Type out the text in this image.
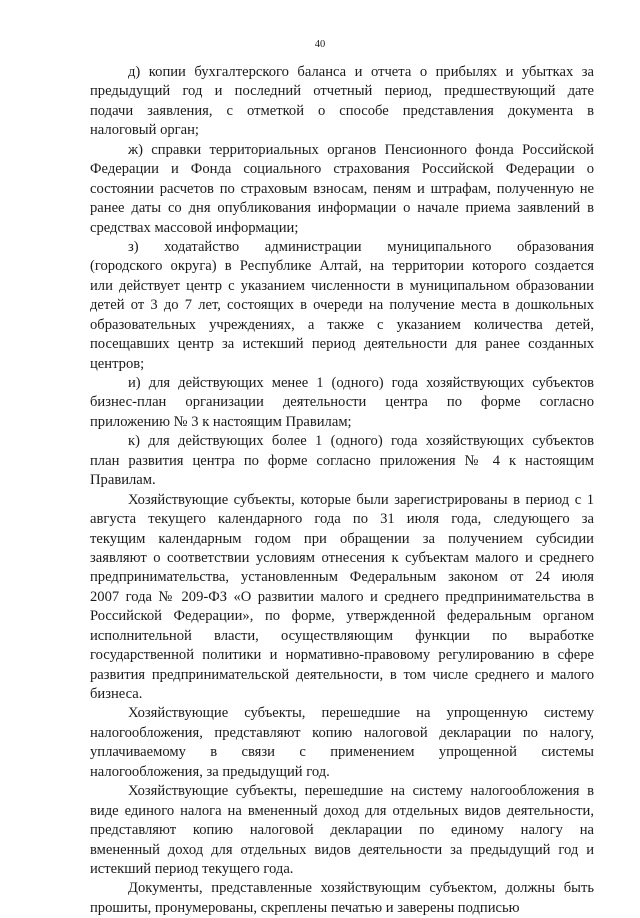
40
д) копии бухгалтерского баланса и отчета о прибылях и убытках за
предыдущий год и последний отчетный период, предшествующий дате
подачи заявления, с отметкой о способе представления документа в
налоговый орган;
ж) справки территориальных органов Пенсионного фонда Российской
Федерации и Фонда социального страхования Российской Федерации о
состоянии расчетов по страховым взносам, пеням и штрафам, полученную не
ранее даты со дня опубликования информации о начале приема заявлений в
средствах массовой информации;
з) ходатайство администрации муниципального образования
(городского округа) в Республике Алтай, на территории которого создается
или действует центр с указанием численности в муниципальном образовании
детей от 3 до 7 лет, состоящих в очереди на получение места в дошкольных
образовательных учреждениях, а также с указанием количества детей,
посещавших центр за истекший период деятельности для ранее созданных
центров;
и) для действующих менее 1 (одного) года хозяйствующих субъектов
бизнес-план организации деятельности центра по форме согласно
приложению № 3 к настоящим Правилам;
к) для действующих более 1 (одного) года хозяйствующих субъектов
план развития центра по форме согласно приложения № 4 к настоящим
Правилам.
Хозяйствующие субъекты, которые были зарегистрированы в период с 1
августа текущего календарного года по 31 июля года, следующего за
текущим календарным годом при обращении за получением субсидии
заявляют о соответствии условиям отнесения к субъектам малого и среднего
предпринимательства, установленным Федеральным законом от 24 июля
2007 года № 209-ФЗ «О развитии малого и среднего предпринимательства в
Российской Федерации», по форме, утвержденной федеральным органом
исполнительной власти, осуществляющим функции по выработке
государственной политики и нормативно-правовому регулированию в сфере
развития предпринимательской деятельности, в том числе среднего и малого
бизнеса.
Хозяйствующие субъекты, перешедшие на упрощенную систему
налогообложения, представляют копию налоговой декларации по налогу,
уплачиваемому в связи с применением упрощенной системы
налогообложения, за предыдущий год.
Хозяйствующие субъекты, перешедшие на систему налогообложения в
виде единого налога на вмененный доход для отдельных видов деятельности,
представляют копию налоговой декларации по единому налогу на
вмененный доход для отдельных видов деятельности за предыдущий год и
истекший период текущего года.
Документы, представленные хозяйствующим субъектом, должны быть
прошиты, пронумерованы, скреплены печатью и заверены подписью
